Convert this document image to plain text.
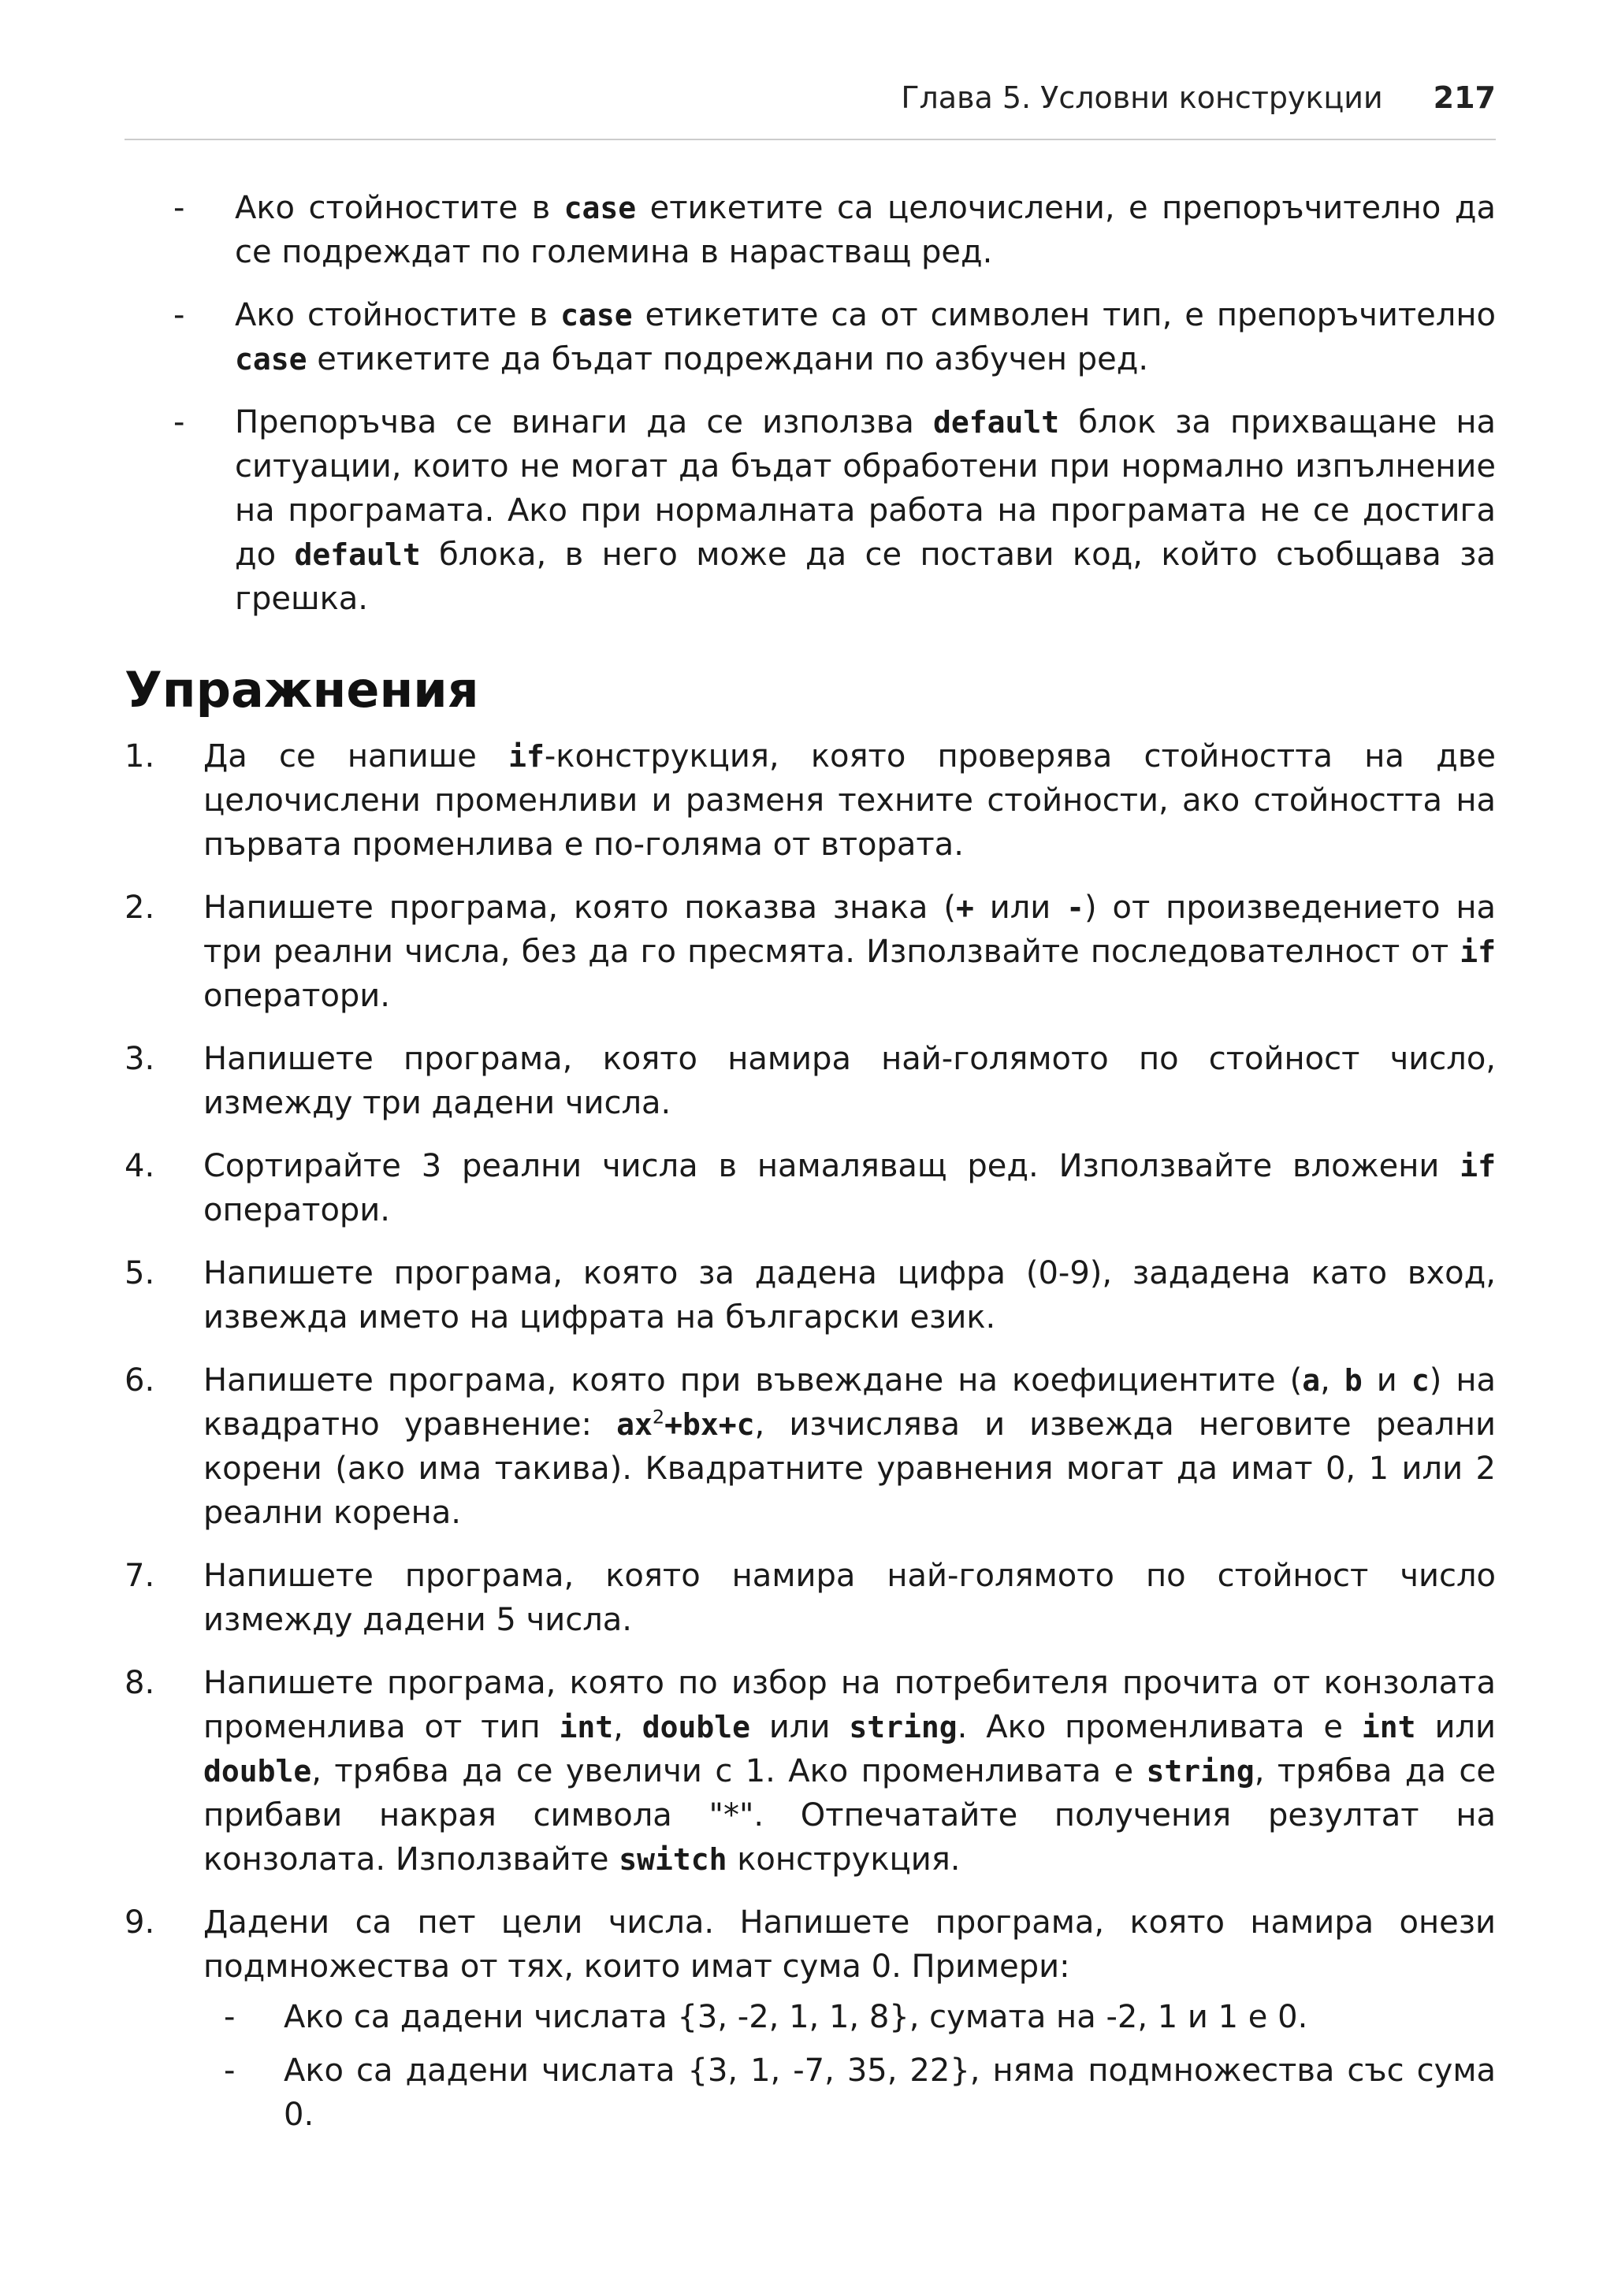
Глава 5. Условни конструкции 217
- Ако стойностите в case етикетите са целочислени, е препоръчително да се подреждат по големина в нарастващ ред.
- Ако стойностите в case етикетите са от символен тип, е препоръчително case етикетите да бъдат подреждани по азбучен ред.
- Препоръчва се винаги да се използва default блок за прихващане на ситуации, които не могат да бъдат обработени при нормално изпълнение на програмата. Ако при нормалната работа на програмата не се достига до default блока, в него може да се постави код, който съобщава за грешка.
Упражнения
1. Да се напише if-конструкция, която проверява стойността на две целочислени променливи и разменя техните стойности, ако стойността на първата променлива е по-голяма от втората.
2. Напишете програма, която показва знака (+ или -) от произведението на три реални числа, без да го пресмята. Използвайте последователност от if оператори.
3. Напишете програма, която намира най-голямото по стойност число, измежду три дадени числа.
4. Сортирайте 3 реални числа в намаляващ ред. Използвайте вложени if оператори.
5. Напишете програма, която за дадена цифра (0-9), зададена като вход, извежда името на цифрата на български език.
6. Напишете програма, която при въвеждане на коефициентите (a, b и c) на квадратно уравнение: $ax^2+bx+c$, изчислява и извежда неговите реални корени (ако има такива). Квадратните уравнения могат да имат 0, 1 или 2 реални корена.
7. Напишете програма, която намира най-голямото по стойност число измежду дадени 5 числа.
8. Напишете програма, която по избор на потребителя прочита от конзолата променлива от тип int, double или string. Ако променливата е int или double, трябва да се увеличи с 1. Ако променливата е string, трябва да се прибави накрая символа "*". Отпечатайте получения резултат на конзолата. Използвайте switch конструкция.
9. Дадени са пет цели числа. Напишете програма, която намира онези подмножества от тях, които имат сума 0. Примери:
- Ако са дадени числата {3, -2, 1, 1, 8}, сумата на -2, 1 и 1 е 0.
- Ако са дадени числата {3, 1, -7, 35, 22}, няма подмножества със сума 0.
